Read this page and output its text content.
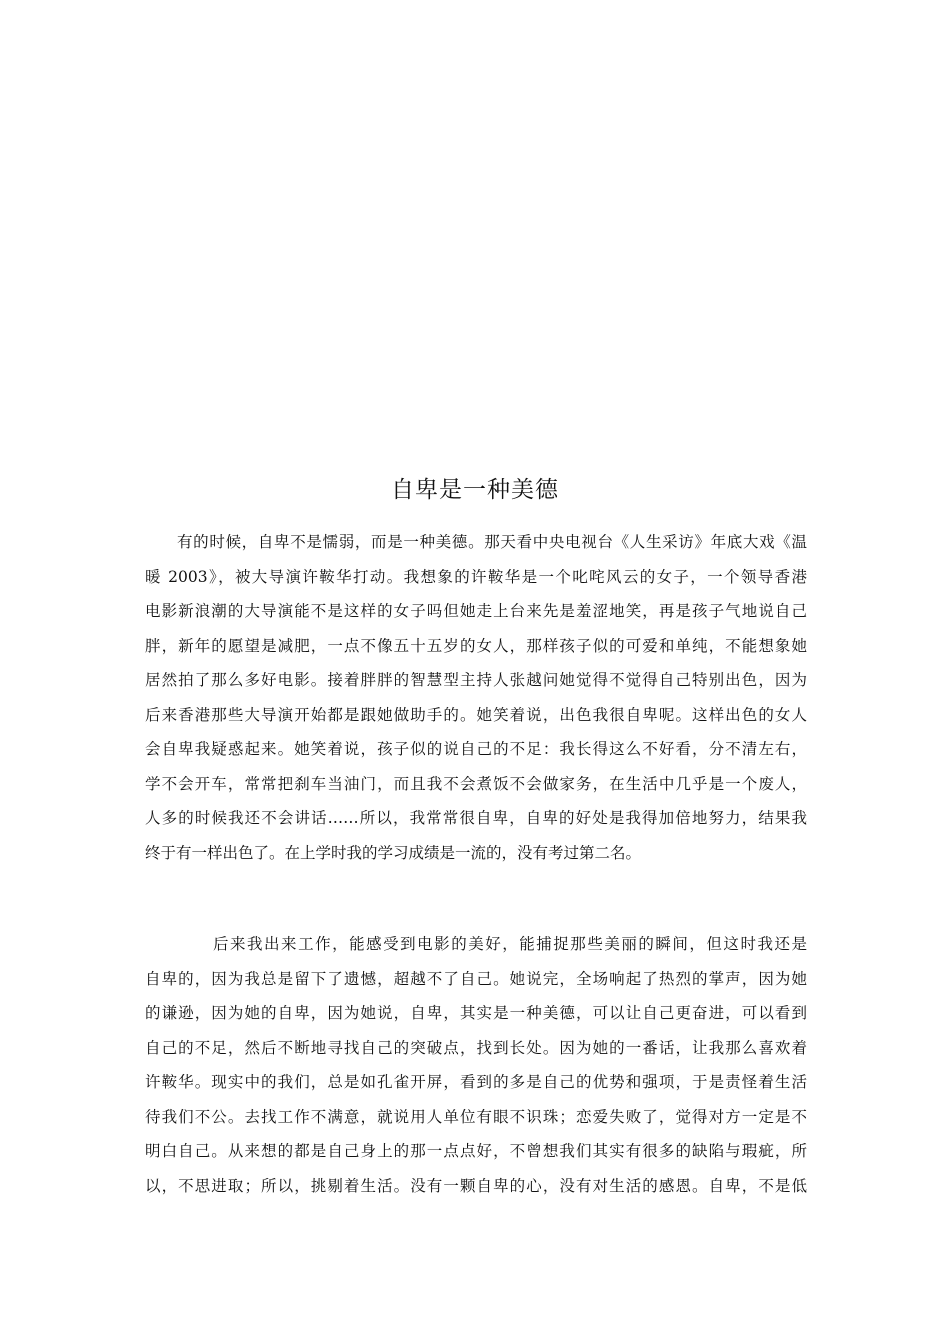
自卑是一种美德
有的时候，自卑不是懦弱，而是一种美德。那天看中央电视台《人生采访》年底大戏《温
暖 2003》，被大导演许鞍华打动。我想象的许鞍华是一个叱咤风云的女子，一个领导香港
电影新浪潮的大导演能不是这样的女子吗但她走上台来先是羞涩地笑，再是孩子气地说自己
胖，新年的愿望是减肥，一点不像五十五岁的女人，那样孩子似的可爱和单纯，不能想象她
居然拍了那么多好电影。接着胖胖的智慧型主持人张越问她觉得不觉得自己特别出色，因为
后来香港那些大导演开始都是跟她做助手的。她笑着说，出色我很自卑呢。这样出色的女人
会自卑我疑惑起来。她笑着说，孩子似的说自己的不足：我长得这么不好看，分不清左右，
学不会开车，常常把刹车当油门，而且我不会煮饭不会做家务，在生活中几乎是一个废人，
人多的时候我还不会讲话……所以，我常常很自卑，自卑的好处是我得加倍地努力，结果我
终于有一样出色了。在上学时我的学习成绩是一流的，没有考过第二名。
后来我出来工作，能感受到电影的美好，能捕捉那些美丽的瞬间，但这时我还是
自卑的，因为我总是留下了遗憾，超越不了自己。她说完，全场响起了热烈的掌声，因为她
的谦逊，因为她的自卑，因为她说，自卑，其实是一种美德，可以让自己更奋进，可以看到
自己的不足，然后不断地寻找自己的突破点，找到长处。因为她的一番话，让我那么喜欢着
许鞍华。现实中的我们，总是如孔雀开屏，看到的多是自己的优势和强项，于是责怪着生活
待我们不公。去找工作不满意，就说用人单位有眼不识珠；恋爱失败了，觉得对方一定是不
明白自己。从来想的都是自己身上的那一点点好，不曾想我们其实有很多的缺陷与瑕疵，所
以，不思进取；所以，挑剔着生活。没有一颗自卑的心，没有对生活的感恩。自卑，不是低
